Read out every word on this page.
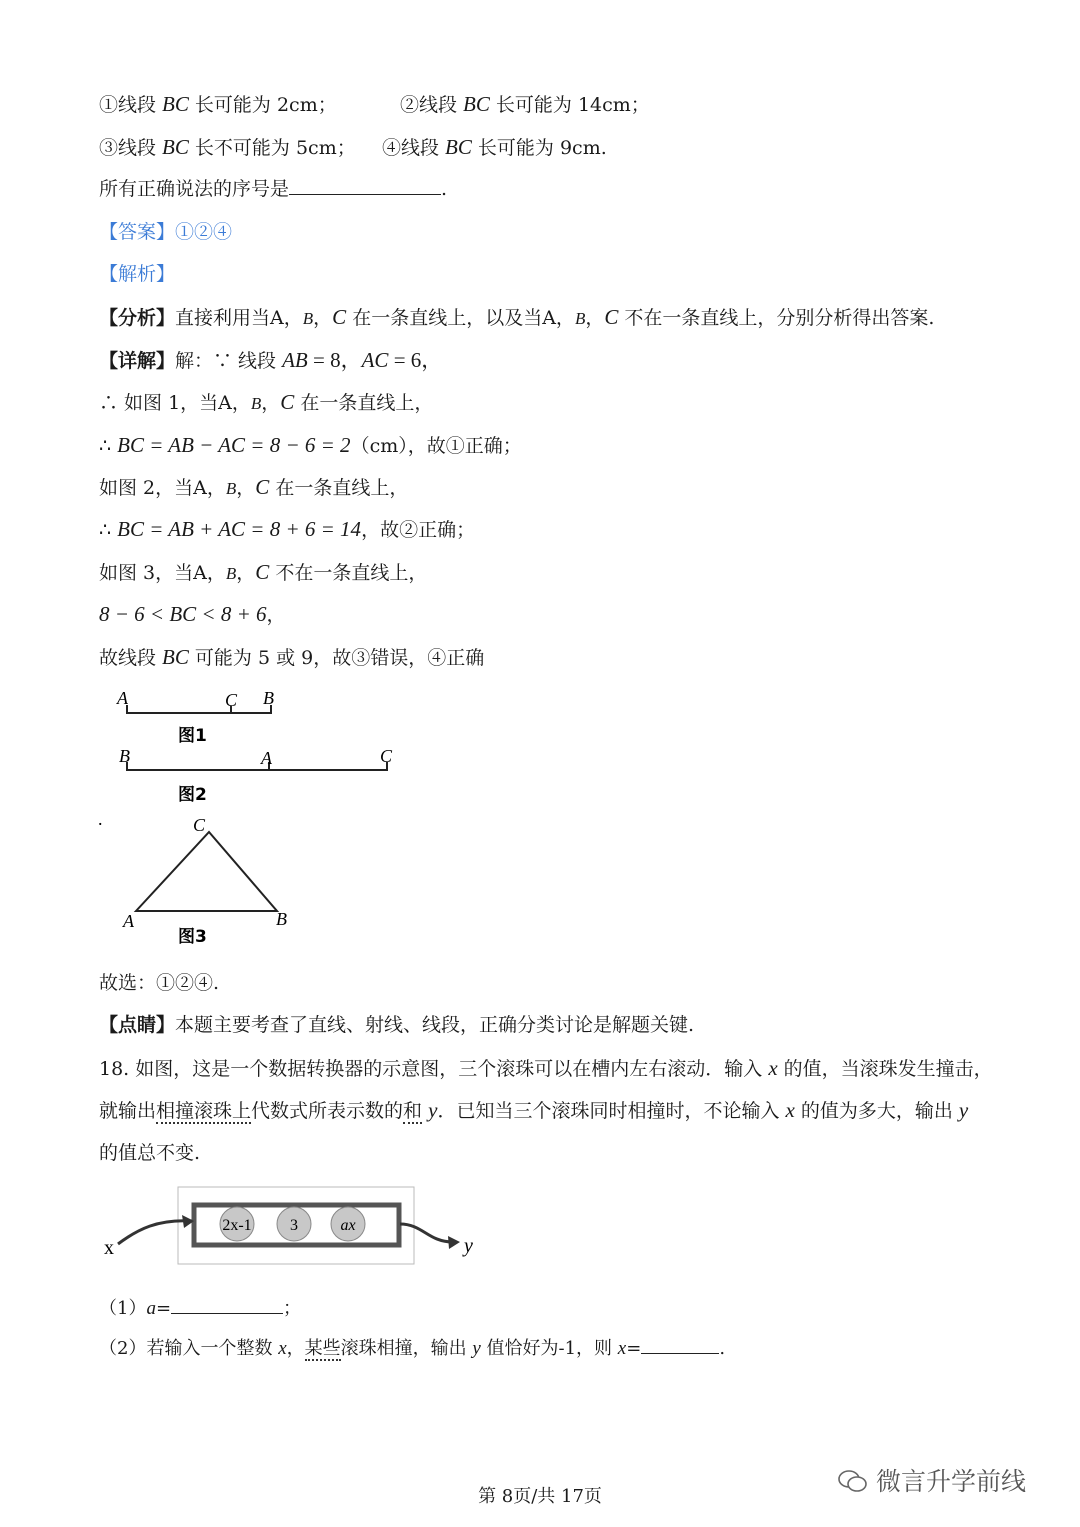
①线段 BC 长可能为 2cm；	②线段 BC 长可能为 14cm；
③线段 BC 长不可能为 5cm； ④线段 BC 长可能为 9cm.
所有正确说法的序号是	.
【答案】①②④
【解析】
【分析】直接利用当A，B，C 在一条直线上，以及当A，B，C 不在一条直线上，分别分析得出答案.
【详解】解：∵ 线段 AB = 8，AC = 6，
∴ 如图 1，当A，B，C 在一条直线上，
∴ BC = AB − AC = 8 − 6 = 2（cm），故①正确；
如图 2，当A，B，C 在一条直线上，
∴ BC = AB + AC = 8 + 6 = 14，故②正确；
如图 3，当A，B，C 不在一条直线上，
8 − 6 < BC < 8 + 6，
故线段 BC 可能为 5 或 9，故③错误，④正确
A	C B
图1
B	A	C
图2
C
A	B
图3
.
故选：①②④.
【点睛】本题主要考查了直线、射线、线段，正确分类讨论是解题关键.
18. 如图，这是一个数据转换器的示意图，三个滚珠可以在槽内左右滚动．输入 x 的值，当滚珠发生撞击，
就输出相撞滚珠上代数式所表示数的和 y．已知当三个滚珠同时相撞时，不论输入 x 的值为多大，输出 y
的值总不变.
2x-1 3	ax
x	y
（1）a=	；
（2）若输入一个整数 x，某些滚珠相撞，输出 y 值恰好为-1，则 x=	.
第 8页/共 17页
微言升学前线
